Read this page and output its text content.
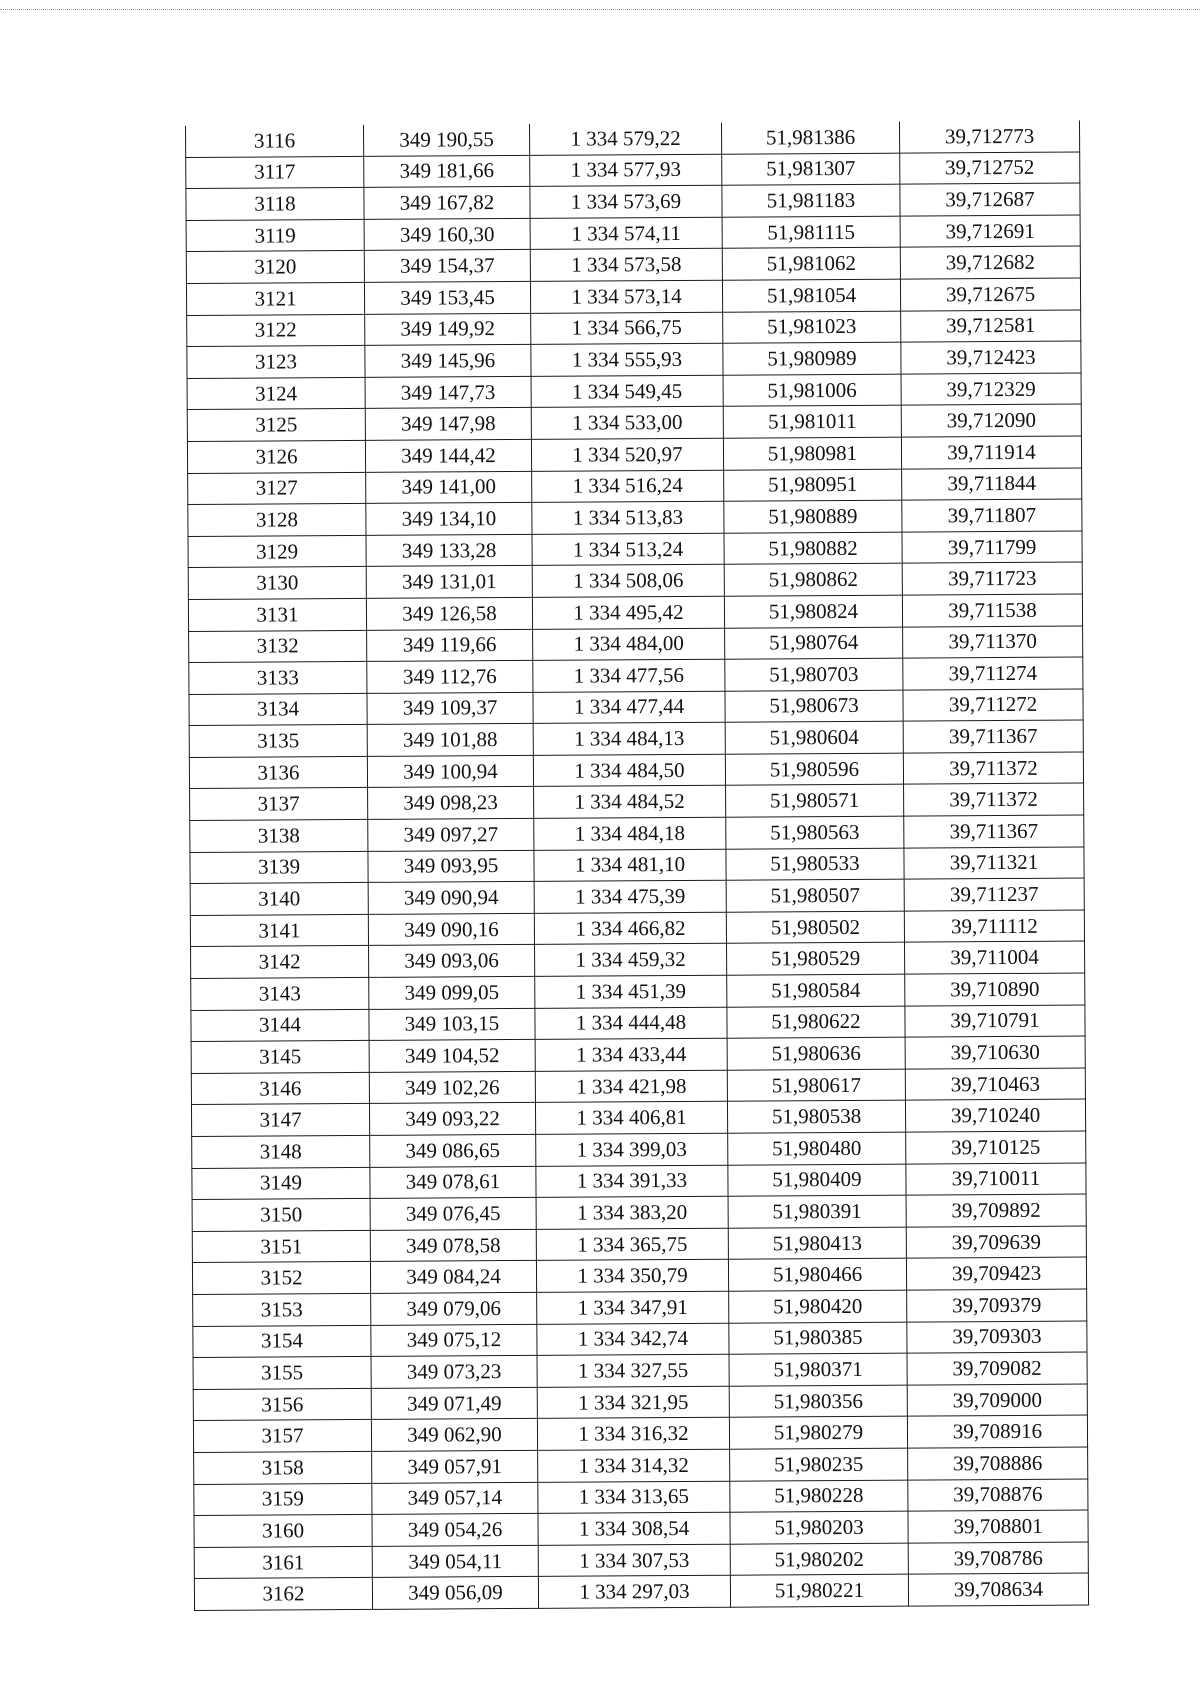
3116	349 190,55	1 334 579,22	51,981386	39,712773
3117	349 181,66	1 334 577,93	51,981307	39,712752
3118	349 167,82	1 334 573,69	51,981183	39,712687
3119	349 160,30	1 334 574,11	51,981115	39,712691
3120	349 154,37	1 334 573,58	51,981062	39,712682
3121	349 153,45	1 334 573,14	51,981054	39,712675
3122	349 149,92	1 334 566,75	51,981023	39,712581
3123	349 145,96	1 334 555,93	51,980989	39,712423
3124	349 147,73	1 334 549,45	51,981006	39,712329
3125	349 147,98	1 334 533,00	51,981011	39,712090
3126	349 144,42	1 334 520,97	51,980981	39,711914
3127	349 141,00	1 334 516,24	51,980951	39,711844
3128	349 134,10	1 334 513,83	51,980889	39,711807
3129	349 133,28	1 334 513,24	51,980882	39,711799
3130	349 131,01	1 334 508,06	51,980862	39,711723
3131	349 126,58	1 334 495,42	51,980824	39,711538
3132	349 119,66	1 334 484,00	51,980764	39,711370
3133	349 112,76	1 334 477,56	51,980703	39,711274
3134	349 109,37	1 334 477,44	51,980673	39,711272
3135	349 101,88	1 334 484,13	51,980604	39,711367
3136	349 100,94	1 334 484,50	51,980596	39,711372
3137	349 098,23	1 334 484,52	51,980571	39,711372
3138	349 097,27	1 334 484,18	51,980563	39,711367
3139	349 093,95	1 334 481,10	51,980533	39,711321
3140	349 090,94	1 334 475,39	51,980507	39,711237
3141	349 090,16	1 334 466,82	51,980502	39,711112
3142	349 093,06	1 334 459,32	51,980529	39,711004
3143	349 099,05	1 334 451,39	51,980584	39,710890
3144	349 103,15	1 334 444,48	51,980622	39,710791
3145	349 104,52	1 334 433,44	51,980636	39,710630
3146	349 102,26	1 334 421,98	51,980617	39,710463
3147	349 093,22	1 334 406,81	51,980538	39,710240
3148	349 086,65	1 334 399,03	51,980480	39,710125
3149	349 078,61	1 334 391,33	51,980409	39,710011
3150	349 076,45	1 334 383,20	51,980391	39,709892
3151	349 078,58	1 334 365,75	51,980413	39,709639
3152	349 084,24	1 334 350,79	51,980466	39,709423
3153	349 079,06	1 334 347,91	51,980420	39,709379
3154	349 075,12	1 334 342,74	51,980385	39,709303
3155	349 073,23	1 334 327,55	51,980371	39,709082
3156	349 071,49	1 334 321,95	51,980356	39,709000
3157	349 062,90	1 334 316,32	51,980279	39,708916
3158	349 057,91	1 334 314,32	51,980235	39,708886
3159	349 057,14	1 334 313,65	51,980228	39,708876
3160	349 054,26	1 334 308,54	51,980203	39,708801
3161	349 054,11	1 334 307,53	51,980202	39,708786
3162	349 056,09	1 334 297,03	51,980221	39,708634
